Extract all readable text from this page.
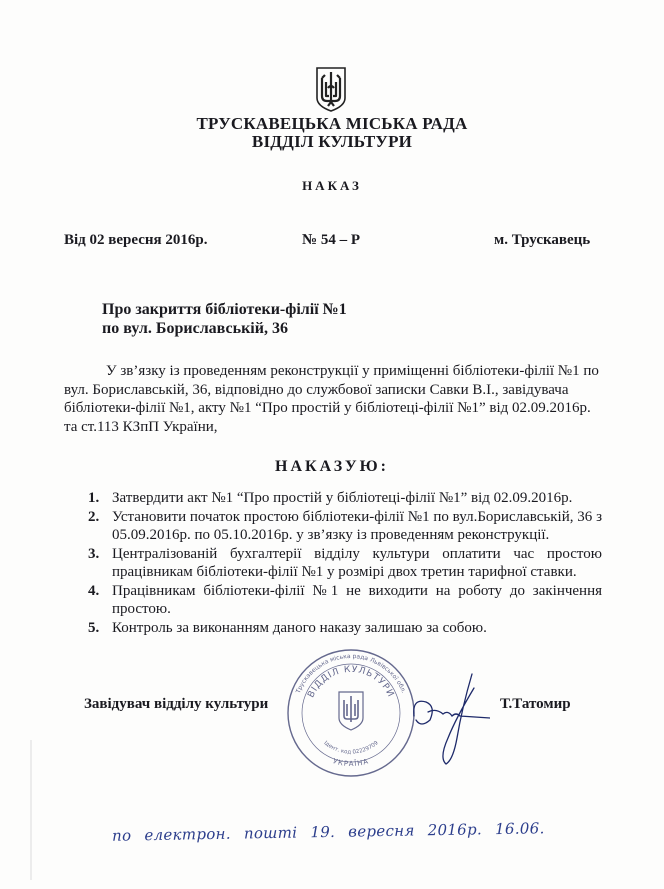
ТРУСКАВЕЦЬКА МІСЬКА РАДА
ВІДДІЛ КУЛЬТУРИ
НАКАЗ
Від 02 вересня 2016р.	№ 54 – Р	м. Трускавець
Про закриття бібліотеки-філії №1
по вул. Бориславській, 36
У зв’язку із проведенням реконструкції у приміщенні бібліотеки-філії №1 по вул. Бориславській, 36, відповідно до службової записки Савки В.І., завідувача бібліотеки-філії №1, акту №1 “Про простій у бібліотеці-філії №1” від 02.09.2016р. та ст.113 КЗпП України,
НАКАЗУЮ:
1. Затвердити акт №1 “Про простій у бібліотеці-філії №1” від 02.09.2016р.
2. Установити початок простою бібліотеки-філії №1 по вул.Бориславській, 36 з 05.09.2016р. по 05.10.2016р. у зв’язку із проведенням реконструкції.
3. Централізованій бухгалтерії відділу культури оплатити час простою працівникам бібліотеки-філії №1 у розмірі двох третин тарифної ставки.
4. Працівникам бібліотеки-філії №1 не виходити на роботу до закінчення простою.
5. Контроль за виконанням даного наказу залишаю за собою.
Завідувач відділу культури
Трускавецька міська рада Львівської обл.
ВІДДІЛ КУЛЬТУРИ
Ідент. код 02229709
УКРАЇНА
Т.Татомир
по електрон. пошті 19. вересня 2016р. 16.06.
